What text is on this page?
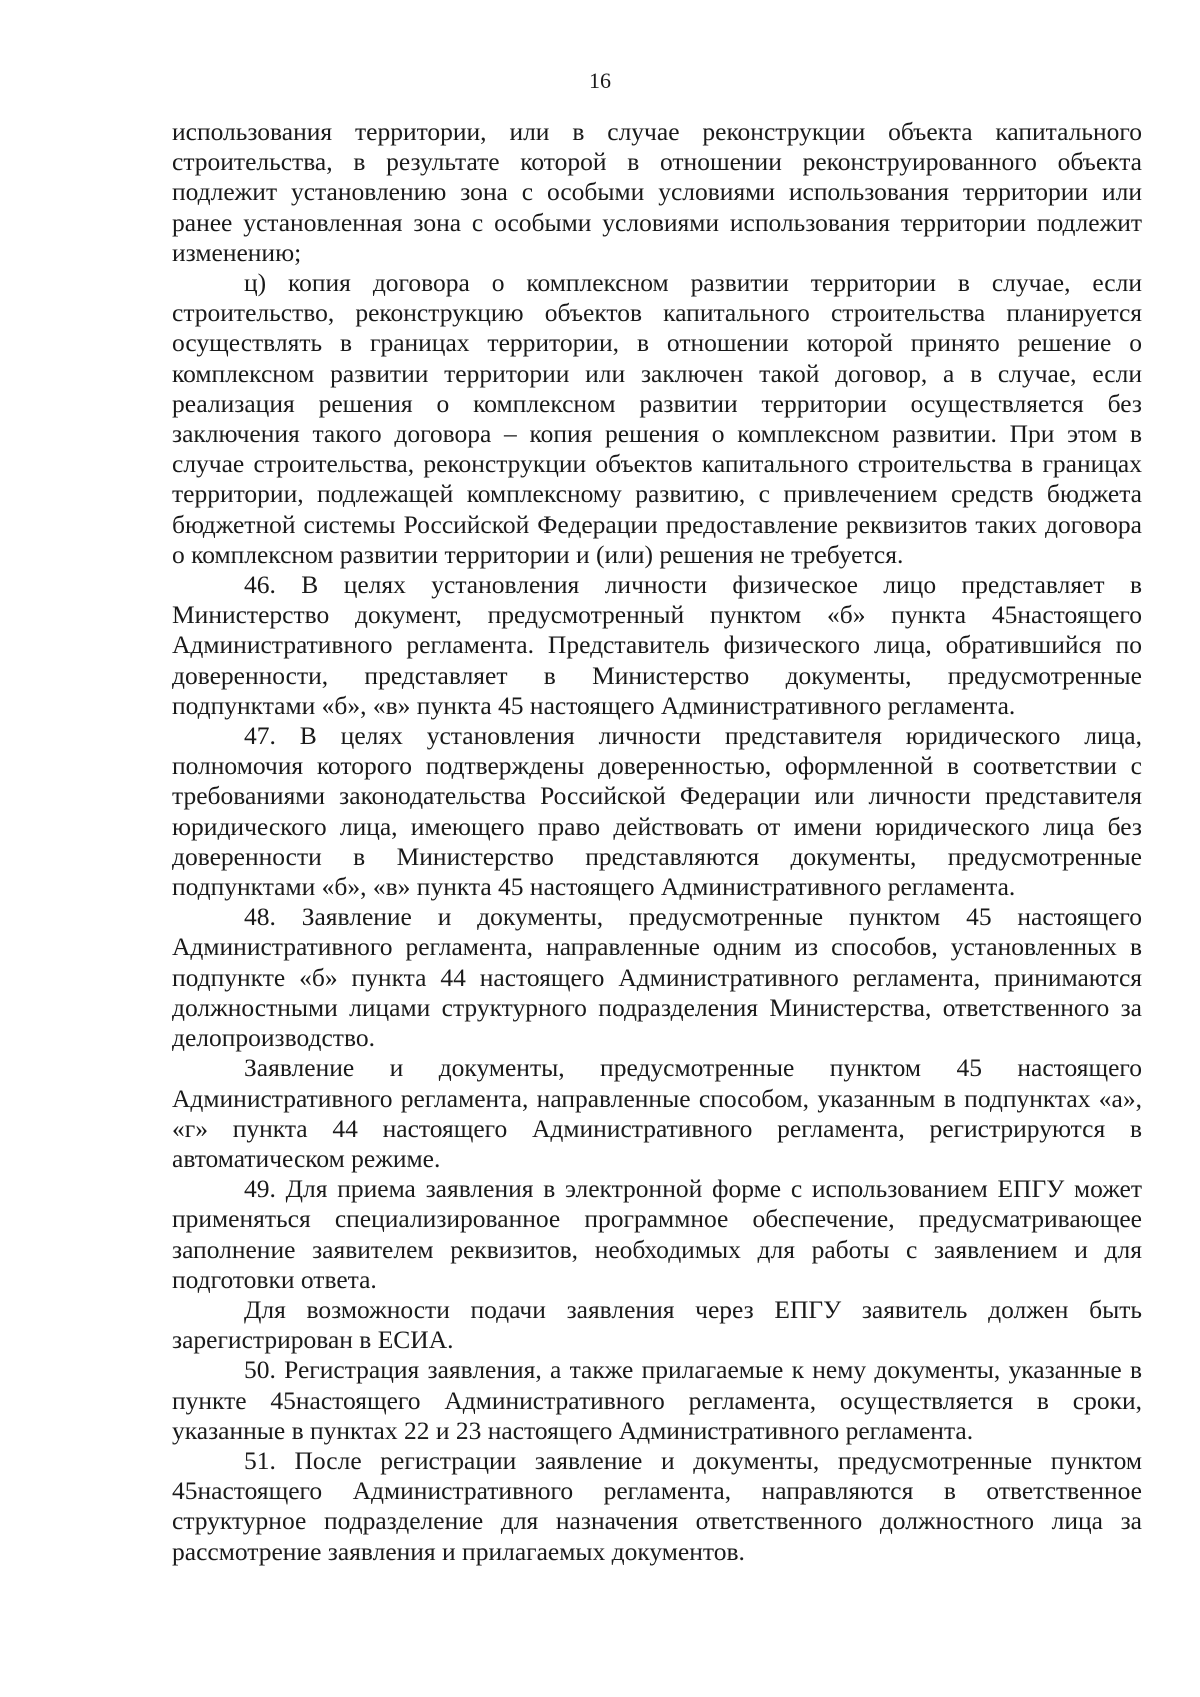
16

использования территории, или в случае реконструкции объекта капитального строительства, в результате которой в отношении реконструированного объекта подлежит установлению зона с особыми условиями использования территории или ранее установленная зона с особыми условиями использования территории подлежит изменению;

ц) копия договора о комплексном развитии территории в случае, если строительство, реконструкцию объектов капитального строительства планируется осуществлять в границах территории, в отношении которой принято решение о комплексном развитии территории или заключен такой договор, а в случае, если реализация решения о комплексном развитии территории осуществляется без заключения такого договора – копия решения о комплексном развитии. При этом в случае строительства, реконструкции объектов капитального строительства в границах территории, подлежащей комплексному развитию, с привлечением средств бюджета бюджетной системы Российской Федерации предоставление реквизитов таких договора о комплексном развитии территории и (или) решения не требуется.

46. В целях установления личности физическое лицо представляет в Министерство документ, предусмотренный пунктом «б» пункта 45настоящего Административного регламента. Представитель физического лица, обратившийся по доверенности, представляет в Министерство документы, предусмотренные подпунктами «б», «в» пункта 45 настоящего Административного регламента.

47. В целях установления личности представителя юридического лица, полномочия которого подтверждены доверенностью, оформленной в соответствии с требованиями законодательства Российской Федерации или личности представителя юридического лица, имеющего право действовать от имени юридического лица без доверенности в Министерство представляются документы, предусмотренные подпунктами «б», «в» пункта 45 настоящего Административного регламента.

48. Заявление и документы, предусмотренные пунктом 45 настоящего Административного регламента, направленные одним из способов, установленных в подпункте «б» пункта 44 настоящего Административного регламента, принимаются должностными лицами структурного подразделения Министерства, ответственного за делопроизводство.

Заявление и документы, предусмотренные пунктом 45 настоящего Административного регламента, направленные способом, указанным в подпунктах «а», «г» пункта 44 настоящего Административного регламента, регистрируются в автоматическом режиме.

49. Для приема заявления в электронной форме с использованием ЕПГУ может применяться специализированное программное обеспечение, предусматривающее заполнение заявителем реквизитов, необходимых для работы с заявлением и для подготовки ответа.

Для возможности подачи заявления через ЕПГУ заявитель должен быть зарегистрирован в ЕСИА.

50. Регистрация заявления, а также прилагаемые к нему документы, указанные в пункте 45настоящего Административного регламента, осуществляется в сроки, указанные в пунктах 22 и 23 настоящего Административного регламента.

51. После регистрации заявление и документы, предусмотренные пунктом 45настоящего Административного регламента, направляются в ответственное структурное подразделение для назначения ответственного должностного лица за рассмотрение заявления и прилагаемых документов.
